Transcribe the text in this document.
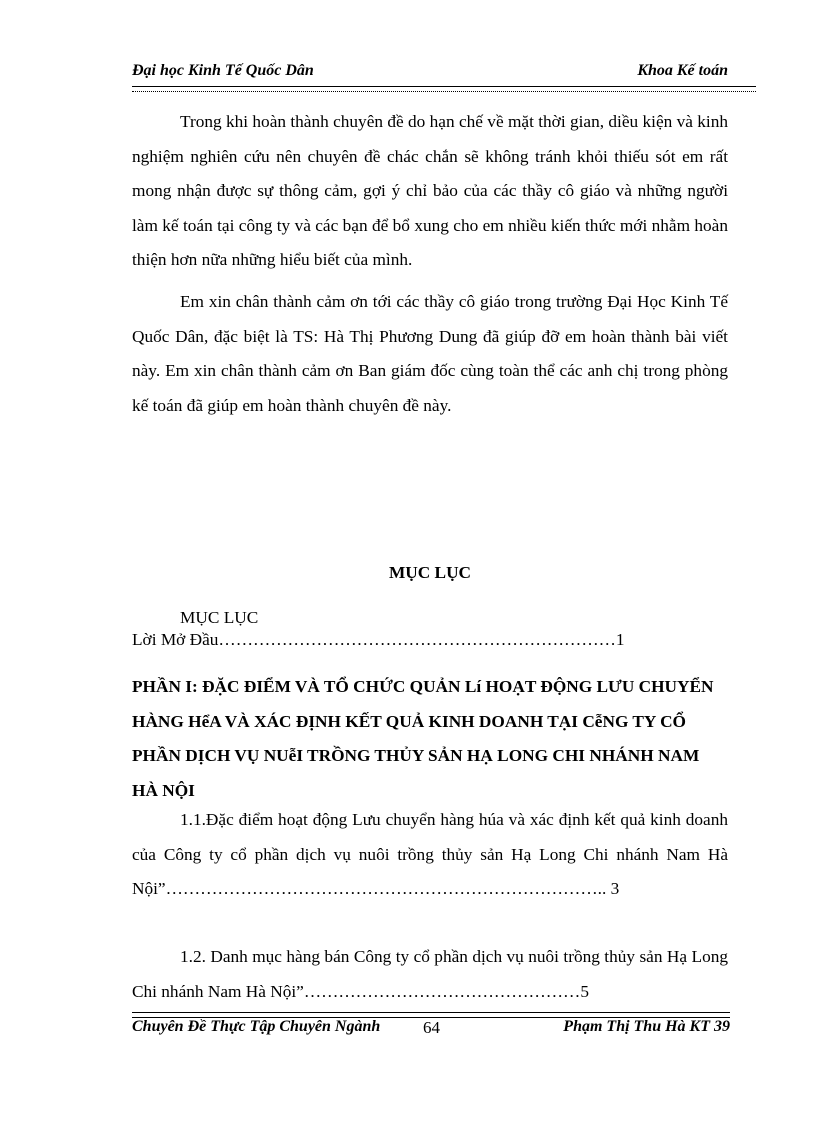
Đại học Kinh Tế Quốc Dân	Khoa Kế toán

Trong khi hoàn thành chuyên đề do hạn chế về mặt thời gian, diều kiện và kinh nghiệm nghiên cứu nên chuyên đề chác chắn sẽ không tránh khỏi thiếu sót em rất mong nhận được sự thông cảm, gợi ý chỉ bảo của các thầy cô giáo và những người làm kế toán tại công ty và các bạn để bổ xung cho em nhiều kiến thức mới nhằm hoàn thiện hơn nữa những hiểu biết của mình.

Em xin chân thành cảm ơn tới các thầy cô giáo trong trường Đại Học Kinh Tế Quốc Dân, đặc biệt là TS: Hà Thị Phương Dung đã giúp đỡ em hoàn thành bài viết này. Em xin chân thành cảm ơn Ban giám đốc cùng toàn thể các anh chị trong phòng kế toán đã giúp em hoàn thành chuyên đề này.

MỤC LỤC
MỤC LỤC
Lời Mở Đầu……………………………………………………………1

PHẦN I: ĐẶC ĐIỂM VÀ TỔ CHỨC QUẢN Lí HOẠT ĐỘNG LƯU CHUYỂN HÀNG HểA VÀ XÁC ĐỊNH KẾT QUẢ KINH DOANH TẠI CễNG TY CỔ PHẦN DỊCH VỤ NUễI TRỒNG THỦY SẢN HẠ LONG CHI NHÁNH NAM HÀ NỘI

1.1.Đặc điểm hoạt động Lưu chuyển hàng húa và xác định kết quả kinh doanh của Công ty cổ phần dịch vụ nuôi trồng thủy sản Hạ Long Chi nhánh Nam Hà Nội”………………………………………………………………….. 3

1.2. Danh mục hàng bán Công ty cổ phần dịch vụ nuôi trồng thủy sản Hạ Long Chi nhánh Nam Hà Nội”…………………………………………5

Chuyên Đề Thực Tập Chuyên Ngành	64	Phạm Thị Thu Hà KT 39
